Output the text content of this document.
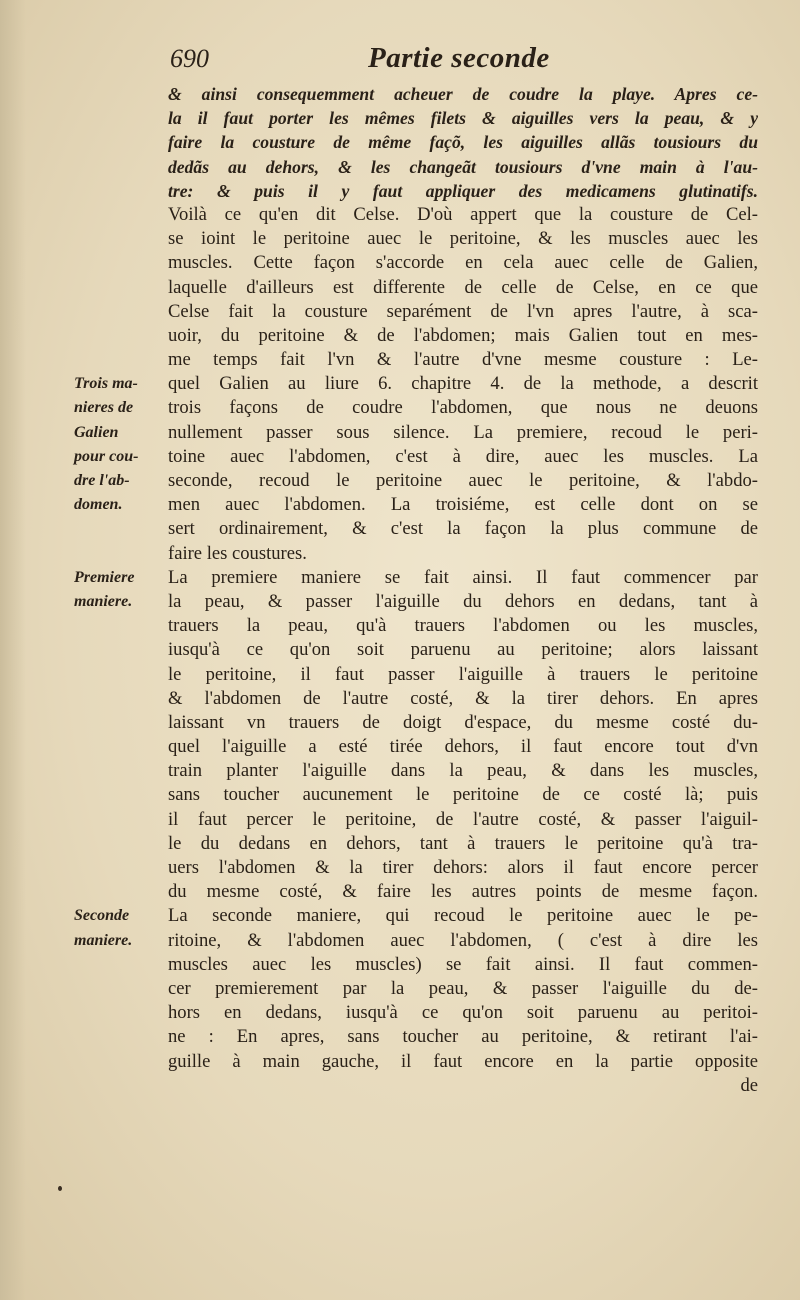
690	Partie seconde
& ainsi consequemment acheuer de coudre la playe. Apres ce-
la il faut porter les mêmes filets & aiguilles vers la peau, & y
faire la cousture de même façõ, les aiguilles allãs tousiours du
dedãs au dehors, & les changeãt tousiours d'vne main à l'au-
tre: & puis il y faut appliquer des medicamens glutinatifs.
Voilà ce qu'en dit Celse. D'où appert que la cousture de Cel-
se ioint le peritoine auec le peritoine, & les muscles auec les
muscles. Cette façon s'accorde en cela auec celle de Galien,
laquelle d'ailleurs est differente de celle de Celse, en ce que
Celse fait la cousture separément de l'vn apres l'autre, à sca-
uoir, du peritoine & de l'abdomen; mais Galien tout en mes-
me temps fait l'vn & l'autre d'vne mesme cousture : Le-
quel Galien au liure 6. chapitre 4. de la methode, a descrit
Trois ma-
trois façons de coudre l'abdomen, que nous ne deuons
nieres de
nullement passer sous silence. La premiere, recoud le peri-
Galien
toine auec l'abdomen, c'est à dire, auec les muscles. La
pour cou-
seconde, recoud le peritoine auec le peritoine, & l'abdo-
dre l'ab-
men auec l'abdomen. La troisiéme, est celle dont on se
domen.
sert ordinairement, & c'est la façon la plus commune de
faire les coustures.
La premiere maniere se fait ainsi. Il faut commencer par
Premiere
la peau, & passer l'aiguille du dehors en dedans, tant à
maniere.
trauers la peau, qu'à trauers l'abdomen ou les muscles,
iusqu'à ce qu'on soit paruenu au peritoine; alors laissant
le peritoine, il faut passer l'aiguille à trauers le peritoine
& l'abdomen de l'autre costé, & la tirer dehors. En apres
laissant vn trauers de doigt d'espace, du mesme costé du-
quel l'aiguille a esté tirée dehors, il faut encore tout d'vn
train planter l'aiguille dans la peau, & dans les muscles,
sans toucher aucunement le peritoine de ce costé là; puis
il faut percer le peritoine, de l'autre costé, & passer l'aiguil-
le du dedans en dehors, tant à trauers le peritoine qu'à tra-
uers l'abdomen & la tirer dehors: alors il faut encore percer
du mesme costé, & faire les autres points de mesme façon.
La seconde maniere, qui recoud le peritoine auec le pe-
Seconde
ritoine, & l'abdomen auec l'abdomen, ( c'est à dire les
maniere.
muscles auec les muscles) se fait ainsi. Il faut commen-
cer premierement par la peau, & passer l'aiguille du de-
hors en dedans, iusqu'à ce qu'on soit paruenu au peritoi-
ne : En apres, sans toucher au peritoine, & retirant l'ai-
guille à main gauche, il faut encore en la partie opposite
de
